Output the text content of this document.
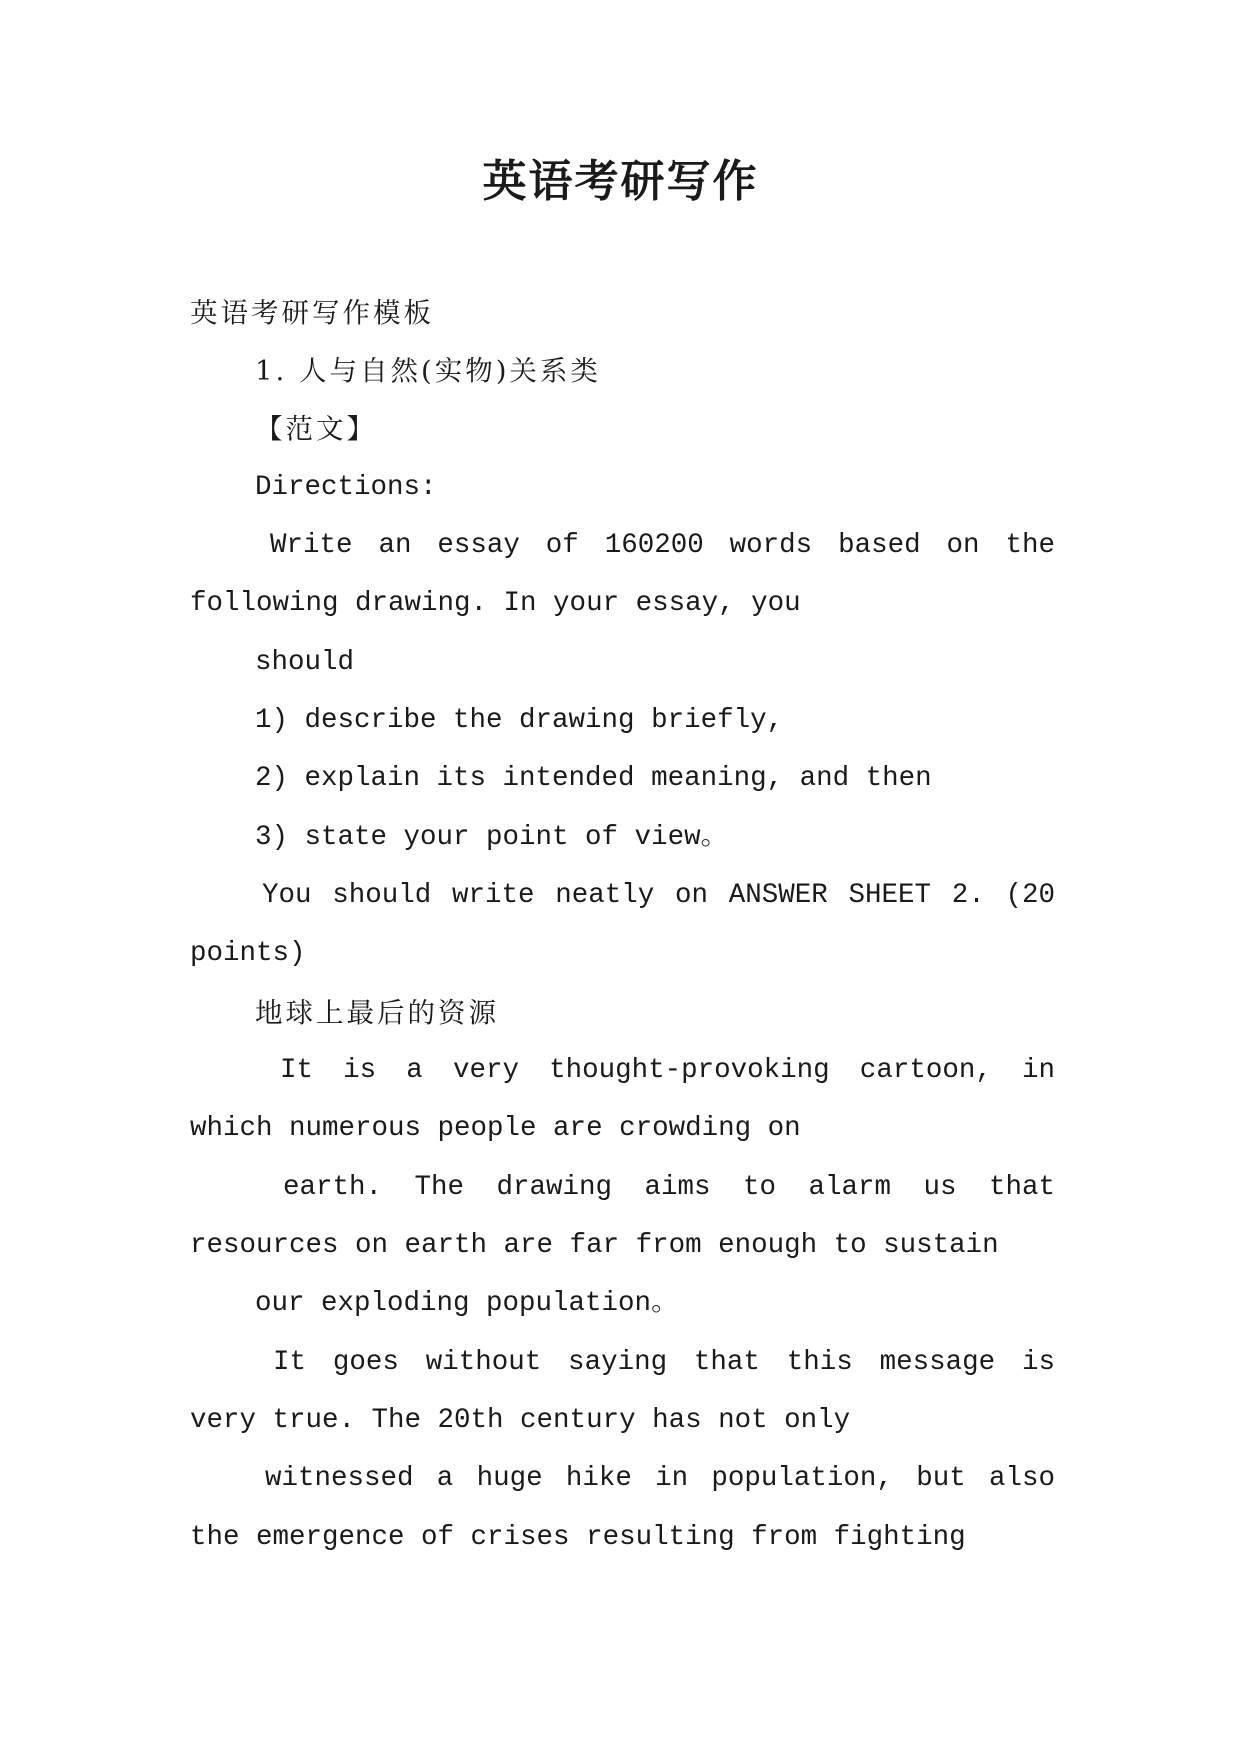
英语考研写作
英语考研写作模板
1. 人与自然(实物)关系类
【范文】
Directions:
Write an essay of 160200 words based on the
following drawing. In your essay, you
should
1) describe the drawing briefly,
2) explain its intended meaning, and then
3) state your point of view。
You should write neatly on ANSWER SHEET 2. (20
points)
地球上最后的资源
It is a very thought-provoking cartoon, in
which numerous people are crowding on
earth. The drawing aims to alarm us that
resources on earth are far from enough to sustain
our exploding population。
It goes without saying that this message is
very true. The 20th century has not only
witnessed a huge hike in population, but also
the emergence of crises resulting from fighting
